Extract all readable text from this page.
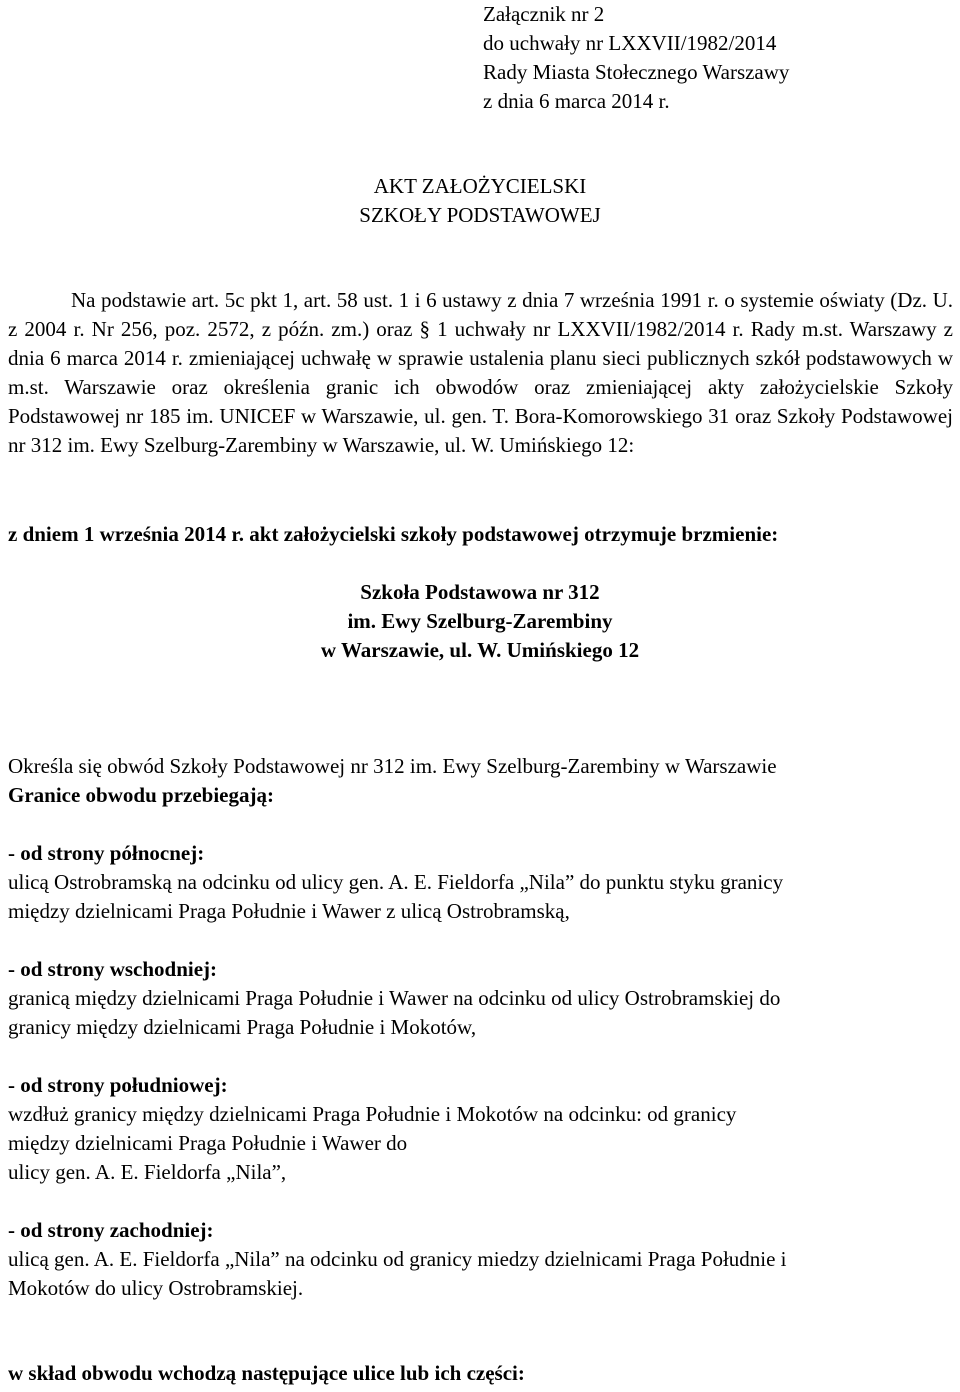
Załącznik nr 2
do uchwały nr LXXVII/1982/2014
Rady Miasta Stołecznego Warszawy
z dnia 6 marca 2014 r.
AKT ZAŁOŻYCIELSKI
SZKOŁY PODSTAWOWEJ
Na podstawie art. 5c pkt 1, art. 58 ust. 1 i 6 ustawy z dnia 7 września 1991 r. o systemie oświaty (Dz. U. z 2004 r. Nr 256, poz. 2572, z późn. zm.) oraz § 1 uchwały nr LXXVII/1982/2014 r. Rady m.st. Warszawy z dnia 6 marca 2014 r. zmieniającej uchwałę w sprawie ustalenia planu sieci publicznych szkół podstawowych w m.st. Warszawie oraz określenia granic ich obwodów oraz zmieniającej akty założycielskie Szkoły Podstawowej nr 185 im. UNICEF w Warszawie, ul. gen. T. Bora-Komorowskiego 31 oraz Szkoły Podstawowej nr 312 im. Ewy Szelburg-Zarembiny w Warszawie, ul. W. Umińskiego 12:
z dniem 1 września 2014 r. akt założycielski szkoły podstawowej otrzymuje brzmienie:
Szkoła Podstawowa nr 312
im. Ewy Szelburg-Zarembiny
w Warszawie, ul. W. Umińskiego 12
Określa się obwód Szkoły Podstawowej nr 312 im. Ewy Szelburg-Zarembiny w Warszawie
Granice obwodu przebiegają:
- od strony północnej:
ulicą Ostrobramską na odcinku od ulicy gen. A. E. Fieldorfa „Nila” do punktu styku granicy
między dzielnicami Praga Południe i Wawer z ulicą Ostrobramską,
- od strony wschodniej:
granicą między dzielnicami Praga Południe i Wawer na odcinku od ulicy Ostrobramskiej do
granicy między dzielnicami Praga Południe i Mokotów,
- od strony południowej:
wzdłuż granicy między dzielnicami Praga Południe i Mokotów na odcinku: od granicy
między dzielnicami Praga Południe i Wawer do
ulicy gen. A. E. Fieldorfa „Nila”,
- od strony zachodniej:
ulicą gen. A. E. Fieldorfa „Nila” na odcinku od granicy miedzy dzielnicami Praga Południe i
Mokotów do ulicy Ostrobramskiej.
w skład obwodu wchodzą następujące ulice lub ich części:
